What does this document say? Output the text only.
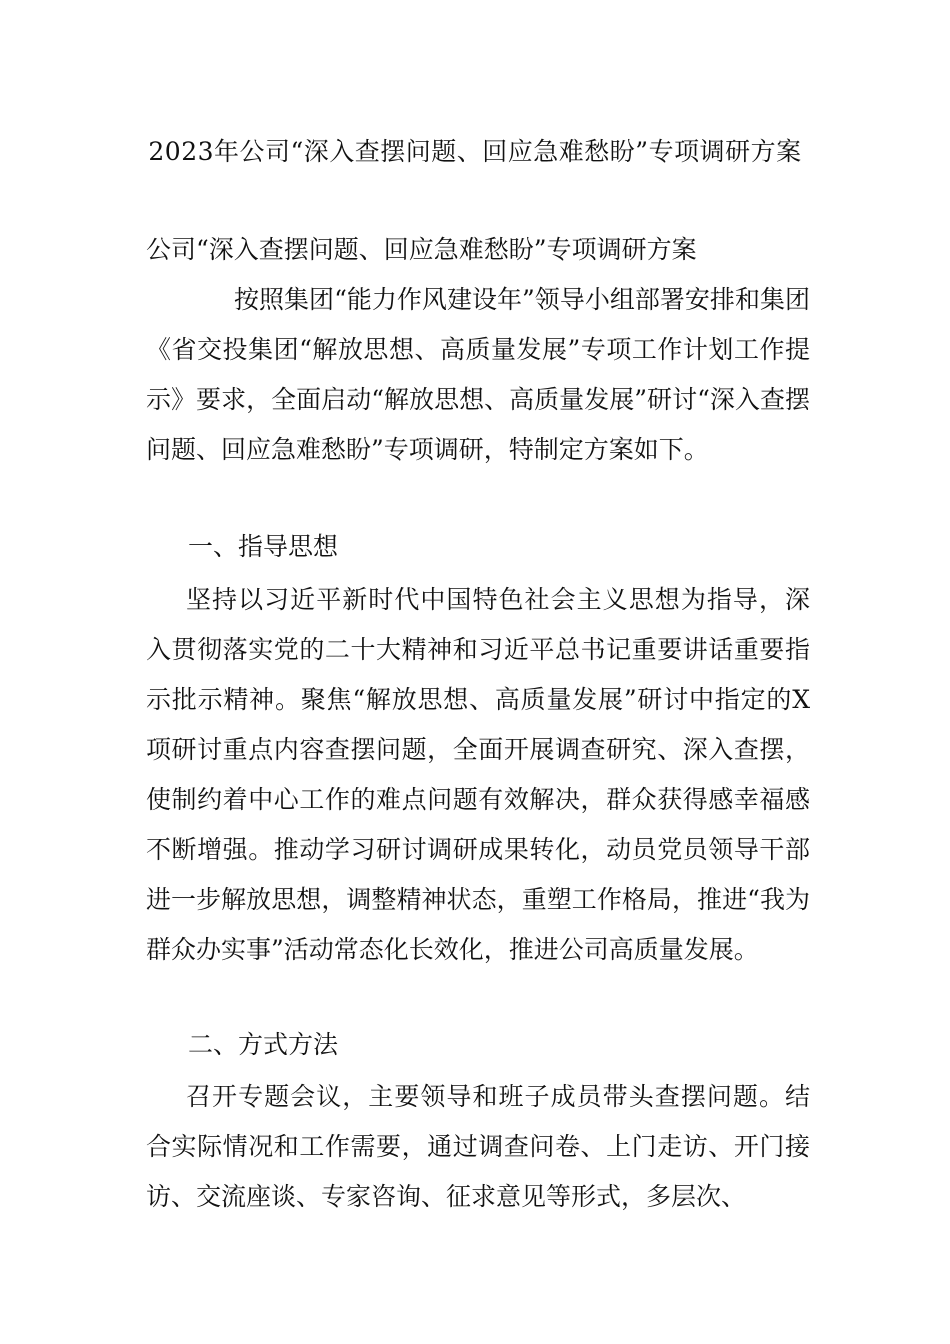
2023年公司“深入查摆问题、回应急难愁盼”专项调研方案
公司“深入查摆问题、回应急难愁盼”专项调研方案
按照集团“能力作风建设年”领导小组部署安排和集团《省交投集团“解放思想、高质量发展”专项工作计划工作提示》要求，全面启动“解放思想、高质量发展”研讨“深入查摆问题、回应急难愁盼”专项调研，特制定方案如下。
一、指导思想
坚持以习近平新时代中国特色社会主义思想为指导，深入贯彻落实党的二十大精神和习近平总书记重要讲话重要指示批示精神。聚焦“解放思想、高质量发展”研讨中指定的X项研讨重点内容查摆问题，全面开展调查研究、深入查摆，使制约着中心工作的难点问题有效解决，群众获得感幸福感不断增强。推动学习研讨调研成果转化，动员党员领导干部进一步解放思想，调整精神状态，重塑工作格局，推进“我为群众办实事”活动常态化长效化，推进公司高质量发展。
二、方式方法
召开专题会议，主要领导和班子成员带头查摆问题。结合实际情况和工作需要，通过调查问卷、上门走访、开门接访、交流座谈、专家咨询、征求意见等形式，多层次、
